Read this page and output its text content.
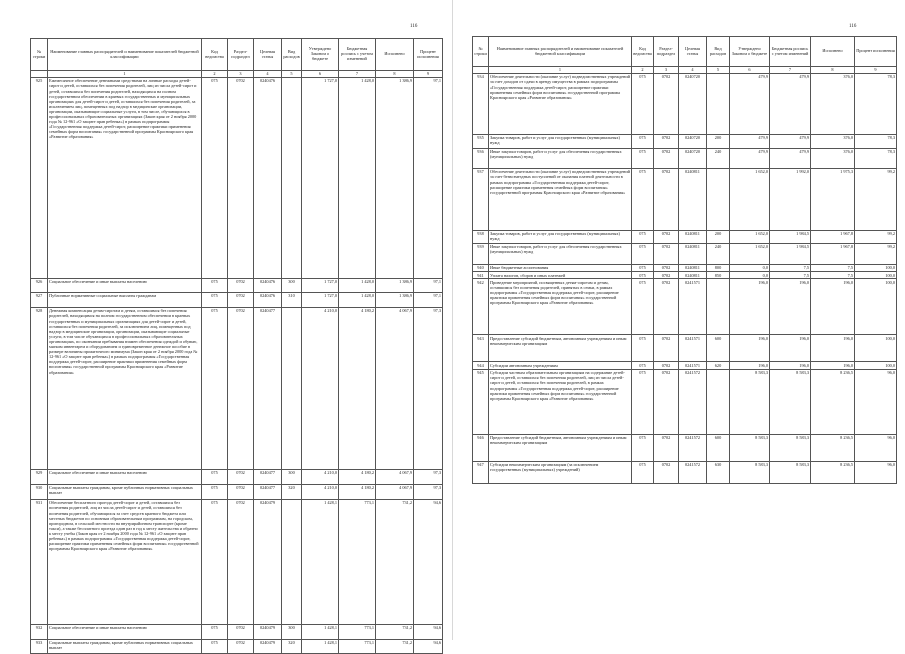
116
№ строки	Наименование главных распорядителей и наименование показателей бюджетной классификации	Код ведомства	Раздел-подраздел	Целевая статья	Вид расходов	Утверждено Законом о бюджете	Бюджетная роспись с учетом изменений	Исполнено	Процент исполнения
	1	2	3	4	5	6	7	8	9
925	Ежемесячное обеспечение денежными средствами на личные расходы детей-сирот и детей, оставшихся без попечения родителей, лиц из числа детей-сирот и детей, оставшихся без попечения родителей, находящихся на полном государственном обеспечении в краевых государственных и муниципальных организациях для детей-сирот и детей, оставшихся без попечения родителей, за исключением лиц, помещенных под надзор в медицинские организации, организации, оказывающие социальные услуги, в том числе, обучающихся в профессиональных образовательных организациях (Закон края от 2 ноября 2000 года № 12-961 «О защите прав ребенка») в рамках подпрограммы «Государственная поддержка детей-сирот, расширение практики применения семейных форм воспитания» государственной программы Красноярского края «Развитие образования»	075	0702	0240476		1 727,0	1 428,0	1 386,9	97,1
926	Социальное обеспечение и иные выплаты населению	075	0702	0240476	300	1 727,0	1 428,0	1 386,9	97,1
927	Публичные нормативные социальные выплаты гражданам	075	0702	0240476	310	1 727,0	1 428,0	1 386,9	97,1
928	Денежная компенсация детям-сиротам и детям, оставшимся без попечения родителей, находящимся на полном государственном обеспечении в краевых государственных и муниципальных организациях для детей-сирот и детей, оставшихся без попечения родителей, за исключением лиц, помещенных под надзор в медицинские организации, организации, оказывающие социальные услуги, в том числе обучающихся в профессиональных образовательных организациях, по окончании пребывания взамен обеспечения одеждой и обувью, мягким инвентарем и оборудованием и единовременное денежное пособие в размере величины прожиточного минимума (Закон края от 2 ноября 2000 года № 12-961 «О защите прав ребенка») в рамках подпрограммы «Государственная поддержка детей-сирот, расширение практики применения семейных форм воспитания» государственной программы Красноярского края «Развитие образования»	075	0702	0240477		4 210,0	4 180,2	4 067,9	97,3
929	Социальное обеспечение и иные выплаты населению	075	0702	0240477	300	4 210,0	4 180,2	4 067,9	97,3
930	Социальные выплаты гражданам, кроме публичных нормативных социальных выплат	075	0702	0240477	320	4 210,0	4 180,2	4 067,9	97,3
931	Обеспечение бесплатного проезда детей-сирот и детей, оставшихся без попечения родителей, лиц из числа детей-сирот и детей, оставшихся без попечения родителей, обучающихся за счет средств краевого бюджета или местных бюджетов по основным образовательным программам, на городском, пригородном, в сельской местности на внутрирайонном транспорте (кроме такси), а также бесплатного проезда один раз в год к месту жительства и обратно к месту учебы (Закон края от 2 ноября 2000 года № 12-961 «О защите прав ребенка») в рамках подпрограммы «Государственная поддержка детей-сирот, расширение практики применения семейных форм воспитания» государственной программы Красноярского края «Развитие образования»	075	0702	0240479		1 428,1	773,1	731,2	94,6
932	Социальное обеспечение и иные выплаты населению	075	0702	0240479	300	1 428,1	773,1	731,2	94,6
933	Социальные выплаты гражданам, кроме публичных нормативных социальных выплат	075	0702	0240479	320	1 428,1	773,1	731,2	94,6
116
№ строки	Наименование главных распорядителей и наименование показателей бюджетной классификации	Код ведомства	Раздел-подраздел	Целевая статья	Вид расходов	Утверждено Законом о бюджете	Бюджетная роспись с учетом изменений	Исполнено	Процент исполнения
	1	2	3	4	5	6	7	8	9
934	Обеспечение деятельности (оказание услуг) подведомственных учреждений за счет доходов от сдачи в аренду имущества в рамках подпрограммы «Государственная поддержка детей-сирот, расширение практики применения семейных форм воспитания» государственной программы Красноярского края «Развитие образования»	075	0702	0240720		479,9	479,9	376,0	78,3
935	Закупка товаров, работ и услуг для государственных (муниципальных) нужд	075	0702	0240720	200	479,9	479,9	376,0	78,3
936	Иные закупки товаров, работ и услуг для обеспечения государственных (муниципальных) нужд	075	0702	0240720	240	479,9	479,9	376,0	78,3
937	Обеспечение деятельности (оказание услуг) подведомственных учреждений за счет безвозмездных поступлений от оказания платной деятельности в рамках подпрограммы «Государственная поддержка детей-сирот, расширение практики применения семейных форм воспитания» государственной программы Красноярского края «Развитие образования»	075	0702	0240811		1 652,0	1 992,0	1 975,3	99,2
938	Закупка товаров, работ и услуг для государственных (муниципальных) нужд	075	0702	0240811	200	1 652,0	1 984,5	1 967,8	99,2
939	Иные закупки товаров, работ и услуг для обеспечения государственных (муниципальных) нужд	075	0702	0240811	240	1 652,0	1 984,5	1 967,8	99,2
940	Иные бюджетные ассигнования	075	0702	0240811	800	0,0	7,5	7,5	100,0
941	Уплата налогов, сборов и иных платежей	075	0702	0240811	850	0,0	7,5	7,5	100,0
942	Проведение мероприятий, посвященных детям-сиротам и детям, оставшимся без попечения родителей, принятых в семьи, в рамках подпрограммы «Государственная поддержка детей-сирот, расширение практики применения семейных форм воспитания» государственной программы Красноярского края «Развитие образования»	075	0702	0241571		196,0	196,0	196,0	100,0
943	Предоставление субсидий бюджетным, автономным учреждениям и иным некоммерческим организациям	075	0702	0241571	600	196,0	196,0	196,0	100,0
944	Субсидии автономным учреждениям	075	0702	0241571	620	196,0	196,0	196,0	100,0
945	Субсидии частным образовательным организациям на содержание детей-сирот и детей, оставшихся без попечения родителей, лиц из числа детей-сирот и детей, оставшихся без попечения родителей, в рамках подпрограммы «Государственная поддержка детей-сирот, расширение практики применения семейных форм воспитания» государственной программы Красноярского края «Развитие образования»	075	0702	0241572		8 583,3	8 583,3	8 236,5	96,0
946	Предоставление субсидий бюджетным, автономным учреждениям и иным некоммерческим организациям	075	0702	0241572	600	8 583,3	8 583,3	8 236,5	96,0
947	Субсидии некоммерческим организациям (за исключением государственных (муниципальных) учреждений)	075	0702	0241572	630	8 583,3	8 583,3	8 236,5	96,0
